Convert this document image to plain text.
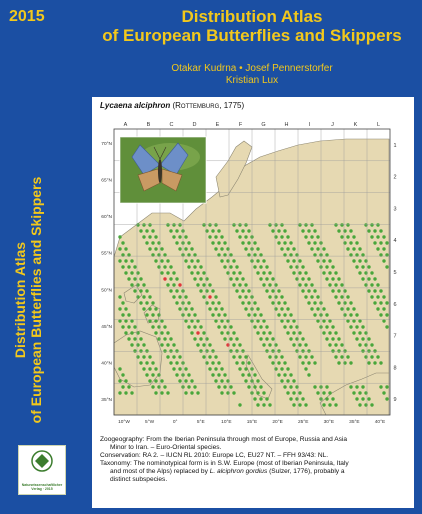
2015	Distribution Atlas
of European Butterflies and Skippers
Otakar Kudrna • Josef Pennerstorfer
Kristian Lux
Distribution Atlas of European Butterflies and Skippers
Lycaena alciphron (Rottemburg, 1775)
A	B	C	D	E	F	G	H	I	J	K	L
1
2
3
4
5
6
7
8
9
70°N
65°N
60°N
55°N
50°N
45°N
40°N
35°N
10°W	5°W	0°	5°E	10°E	15°E	20°E	25°E	30°E	35°E	40°E

Zoogeography: From the Iberian Peninsula through most of Europe, Russia and Asia

Minor to Iran. – Euro-Oriental species.

Conservation: RA 2. – IUCN RL 2010: Europe LC, EU27 NT. – FFH 93/43: NL.

Taxonomy: The nominotypical form is in S.W. Europe (most of Iberian Peninsula, Italy

and most of the Alps) replaced by L. alciphron gordius (Sulzer, 1776), probably a

distinct subspecies.

Naturwissenschaftlicher
Verlag · 2015
